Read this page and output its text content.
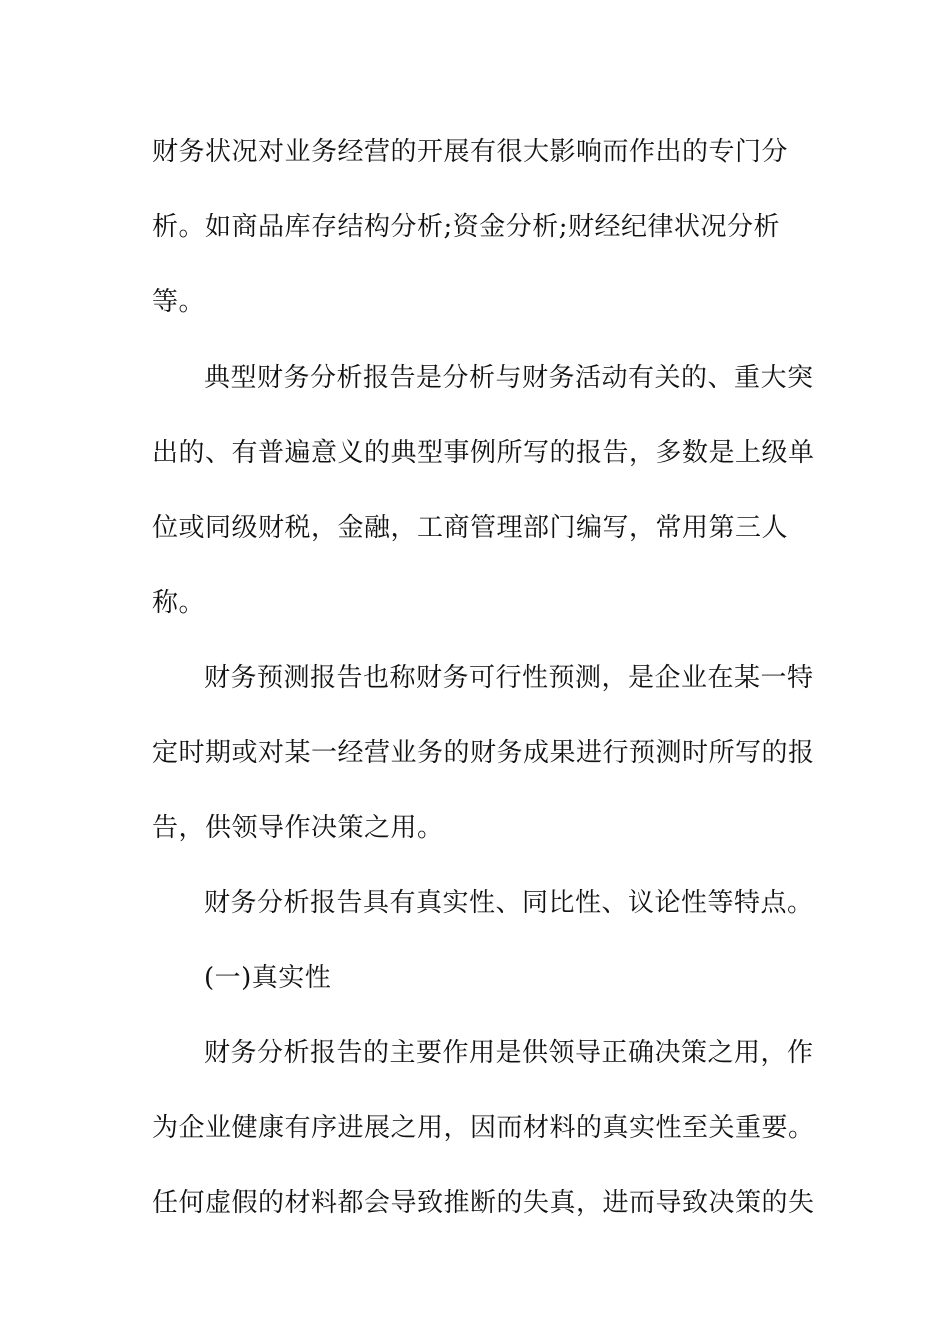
财务状况对业务经营的开展有很大影响而作出的专门分
析。如商品库存结构分析;资金分析;财经纪律状况分析
等。
典型财务分析报告是分析与财务活动有关的、重大突
出的、有普遍意义的典型事例所写的报告，多数是上级单
位或同级财税，金融，工商管理部门编写，常用第三人
称。
财务预测报告也称财务可行性预测，是企业在某一特
定时期或对某一经营业务的财务成果进行预测时所写的报
告，供领导作决策之用。
财务分析报告具有真实性、同比性、议论性等特点。
(一)真实性
财务分析报告的主要作用是供领导正确决策之用，作
为企业健康有序进展之用，因而材料的真实性至关重要。
任何虚假的材料都会导致推断的失真，进而导致决策的失
